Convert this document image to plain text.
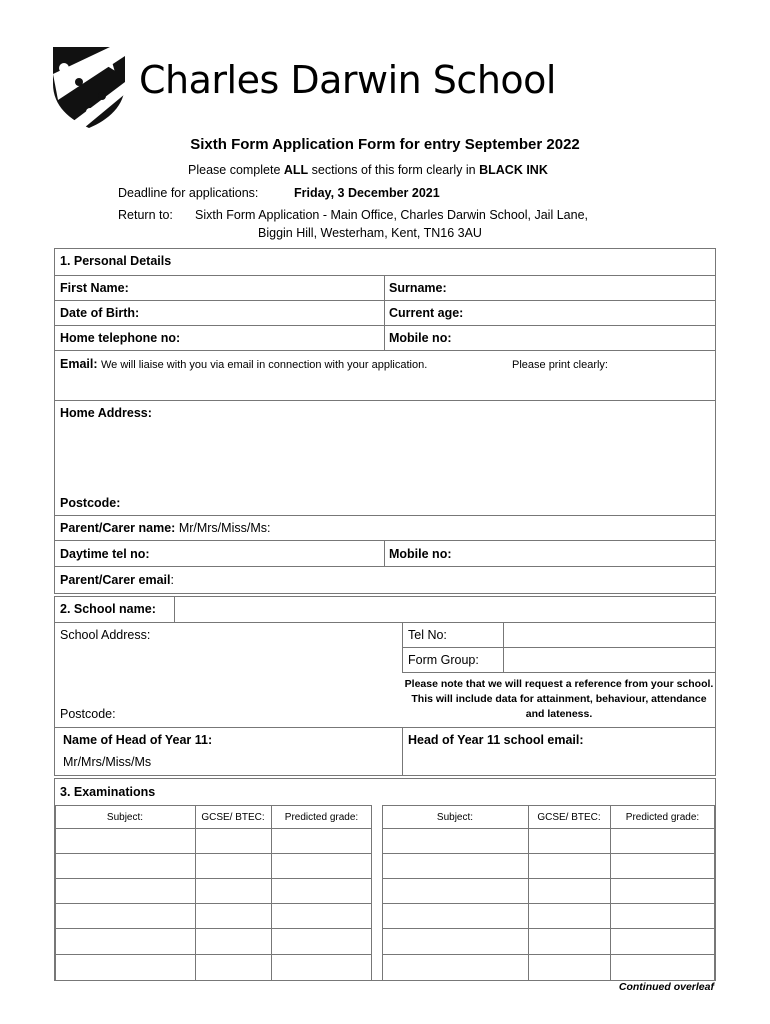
Charles Darwin School
Sixth Form Application Form for entry September 2022
Please complete ALL sections of this form clearly in BLACK INK
Deadline for applications:	Friday, 3 December 2021
Return to: Sixth Form Application - Main Office, Charles Darwin School, Jail Lane,
Biggin Hill, Westerham, Kent, TN16 3AU
1. Personal Details
First Name:	Surname:
Date of Birth:	Current age:
Home telephone no:	Mobile no:
Email: We will liaise with you via email in connection with your application.	Please print clearly:
Home Address:
Postcode:
Parent/Carer name: Mr/Mrs/Miss/Ms:
Daytime tel no:	Mobile no:
Parent/Carer email:
2. School name:
School Address:	Tel No:
Form Group:
Please note that we will request a reference from your school. This will include data for attainment, behaviour, attendance and lateness.
Postcode:
Name of Head of Year 11:
Mr/Mrs/Miss/Ms
Head of Year 11 school email:
3. Examinations
Subject:	GCSE/ BTEC:	Predicted grade:	Subject:	GCSE/ BTEC:	Predicted grade:
Continued overleaf
